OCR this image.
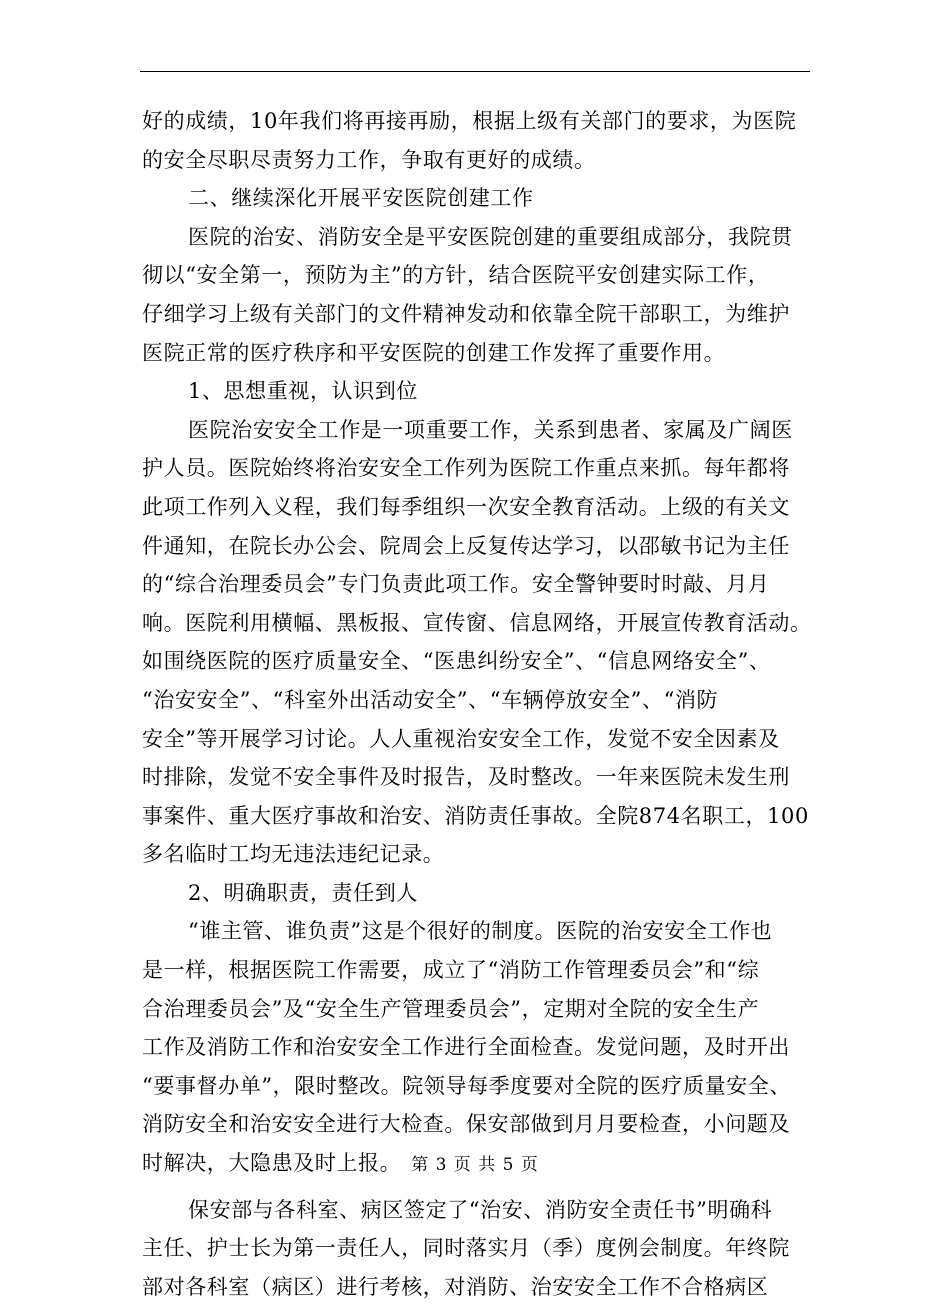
好的成绩，10年我们将再接再励，根据上级有关部门的要求，为医院
的安全尽职尽责努力工作，争取有更好的成绩。
二、继续深化开展平安医院创建工作
医院的治安、消防安全是平安医院创建的重要组成部分，我院贯
彻以“安全第一，预防为主”的方针，结合医院平安创建实际工作，
仔细学习上级有关部门的文件精神发动和依靠全院干部职工，为维护
医院正常的医疗秩序和平安医院的创建工作发挥了重要作用。
1、思想重视，认识到位
医院治安安全工作是一项重要工作，关系到患者、家属及广阔医
护人员。医院始终将治安安全工作列为医院工作重点来抓。每年都将
此项工作列入义程，我们每季组织一次安全教育活动。上级的有关文
件通知，在院长办公会、院周会上反复传达学习，以邵敏书记为主任
的“综合治理委员会”专门负责此项工作。安全警钟要时时敲、月月
响。医院利用横幅、黑板报、宣传窗、信息网络，开展宣传教育活动。
如围绕医院的医疗质量安全、“医患纠纷安全”、“信息网络安全”、
“治安安全”、“科室外出活动安全”、“车辆停放安全”、“消防
安全”等开展学习讨论。人人重视治安安全工作，发觉不安全因素及
时排除，发觉不安全事件及时报告，及时整改。一年来医院未发生刑
事案件、重大医疗事故和治安、消防责任事故。全院874名职工，100
多名临时工均无违法违纪记录。
2、明确职责，责任到人
“谁主管、谁负责”这是个很好的制度。医院的治安安全工作也
是一样，根据医院工作需要，成立了“消防工作管理委员会”和“综
合治理委员会”及“安全生产管理委员会”，定期对全院的安全生产
工作及消防工作和治安安全工作进行全面检查。发觉问题，及时开出
“要事督办单”，限时整改。院领导每季度要对全院的医疗质量安全、
消防安全和治安安全进行大检查。保安部做到月月要检查，小问题及
时解决，大隐患及时上报。
保安部与各科室、病区签定了“治安、消防安全责任书”明确科
主任、护士长为第一责任人，同时落实月（季）度例会制度。年终院
部对各科室（病区）进行考核，对消防、治安安全工作不合格病区
第 3 页 共 5 页
